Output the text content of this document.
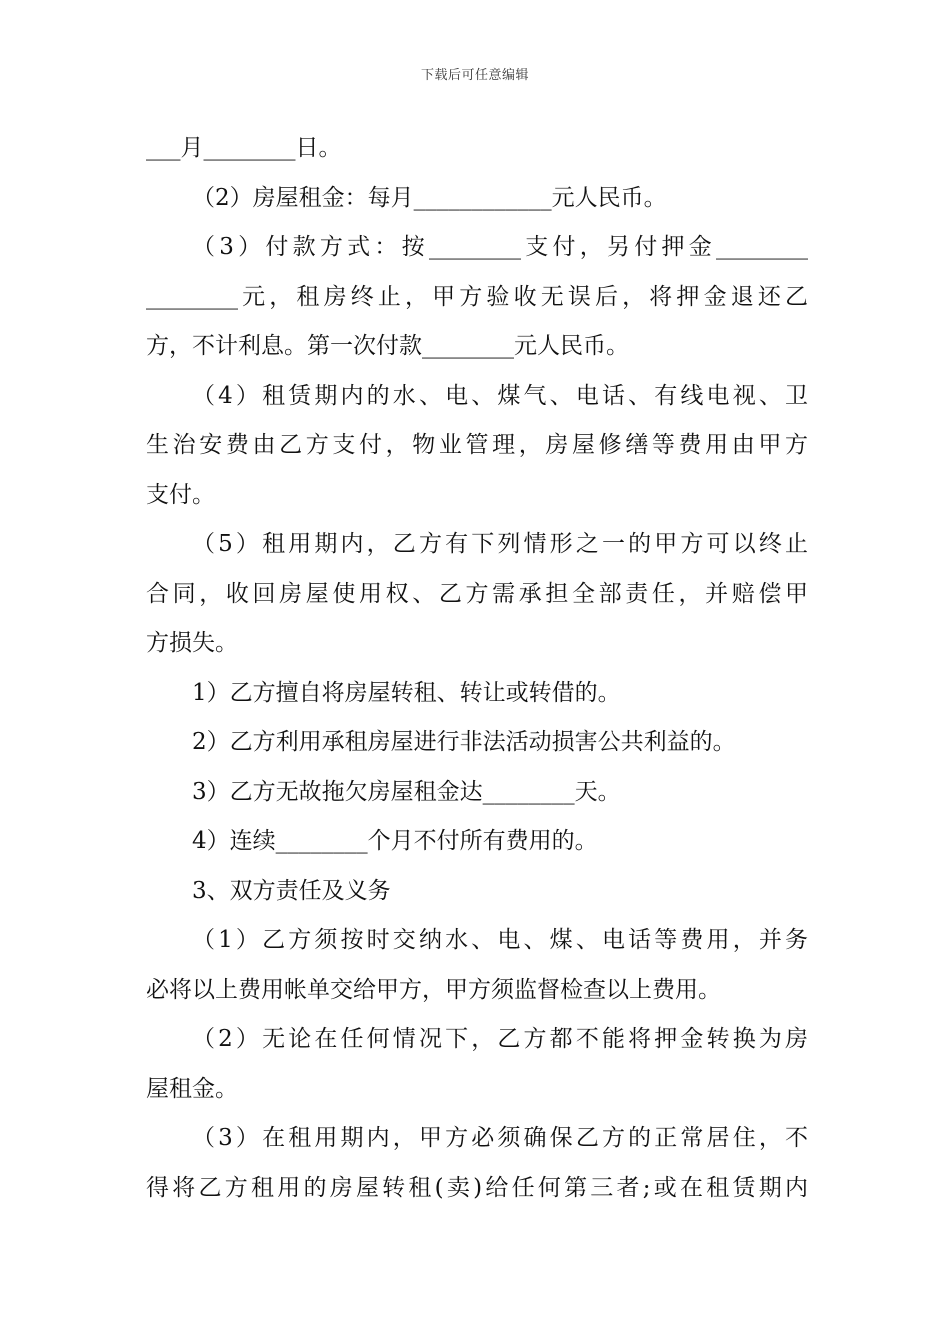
下载后可任意编辑
___月________日。
（2）房屋租金：每月____________元人民币。
（3）付款方式：按________支付，另付押金________
________元，租房终止，甲方验收无误后，将押金退还乙
方，不计利息。第一次付款________元人民币。
（4）租赁期内的水、电、煤气、电话、有线电视、卫
生治安费由乙方支付，物业管理，房屋修缮等费用由甲方
支付。
（5）租用期内，乙方有下列情形之一的甲方可以终止
合同，收回房屋使用权、乙方需承担全部责任，并赔偿甲
方损失。
1）乙方擅自将房屋转租、转让或转借的。
2）乙方利用承租房屋进行非法活动损害公共利益的。
3）乙方无故拖欠房屋租金达________天。
4）连续________个月不付所有费用的。
3、双方责任及义务
（1）乙方须按时交纳水、电、煤、电话等费用，并务
必将以上费用帐单交给甲方，甲方须监督检查以上费用。
（2）无论在任何情况下，乙方都不能将押金转换为房
屋租金。
（3）在租用期内，甲方必须确保乙方的正常居住，不
得将乙方租用的房屋转租(卖)给任何第三者;或在租赁期内
